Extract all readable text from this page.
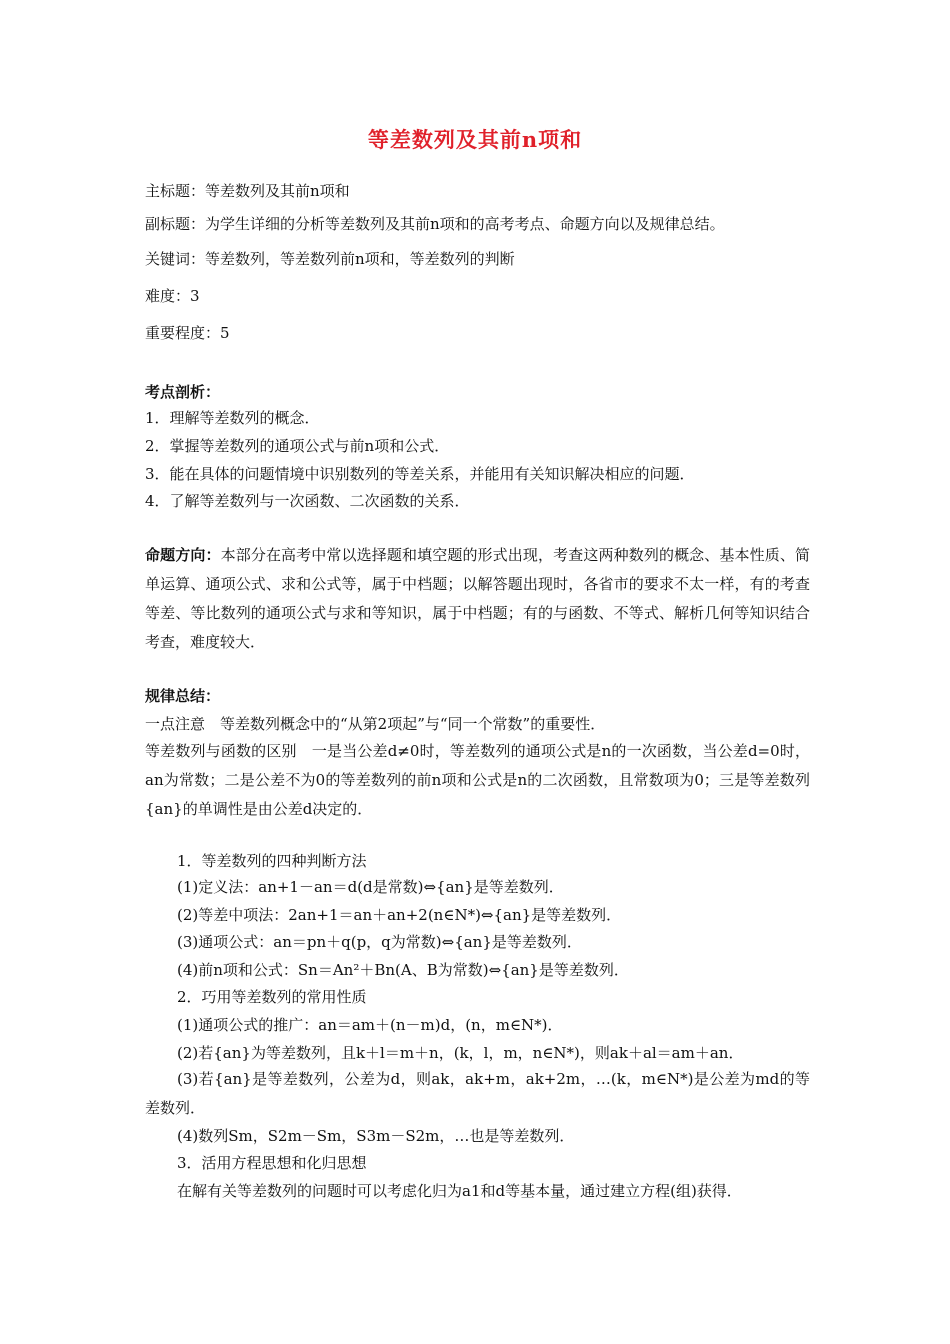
等差数列及其前n项和
主标题：等差数列及其前n项和
副标题：为学生详细的分析等差数列及其前n项和的高考考点、命题方向以及规律总结。
关键词：等差数列，等差数列前n项和，等差数列的判断
难度：3
重要程度：5
考点剖析：
1．理解等差数列的概念．
2．掌握等差数列的通项公式与前n项和公式．
3．能在具体的问题情境中识别数列的等差关系，并能用有关知识解决相应的问题．
4．了解等差数列与一次函数、二次函数的关系．
命题方向：本部分在高考中常以选择题和填空题的形式出现，考查这两种数列的概念、基本性质、简单运算、通项公式、求和公式等，属于中档题；以解答题出现时，各省市的要求不太一样，有的考查等差、等比数列的通项公式与求和等知识，属于中档题；有的与函数、不等式、解析几何等知识结合考查，难度较大．
规律总结：
一点注意　等差数列概念中的“从第2项起”与“同一个常数”的重要性．
等差数列与函数的区别　一是当公差d≠0时，等差数列的通项公式是n的一次函数，当公差d=0时，an为常数；二是公差不为0的等差数列的前n项和公式是n的二次函数，且常数项为0；三是等差数列{an}的单调性是由公差d决定的．
1．等差数列的四种判断方法
(1)定义法：an+1－an＝d(d是常数)⇔{an}是等差数列．
(2)等差中项法：2an+1＝an＋an+2(n∈N*)⇔{an}是等差数列．
(3)通项公式：an＝pn＋q(p，q为常数)⇔{an}是等差数列．
(4)前n项和公式：Sn＝An²＋Bn(A、B为常数)⇔{an}是等差数列．
2．巧用等差数列的常用性质
(1)通项公式的推广：an＝am＋(n－m)d，(n，m∈N*)．
(2)若{an}为等差数列，且k＋l＝m＋n，(k，l，m，n∈N*)，则ak＋al＝am＋an．
(3)若{an}是等差数列，公差为d，则ak，ak+m，ak+2m，…(k，m∈N*)是公差为md的等差数列．
(4)数列Sm，S2m－Sm，S3m－S2m，…也是等差数列．
3．活用方程思想和化归思想
在解有关等差数列的问题时可以考虑化归为a1和d等基本量，通过建立方程(组)获得．
